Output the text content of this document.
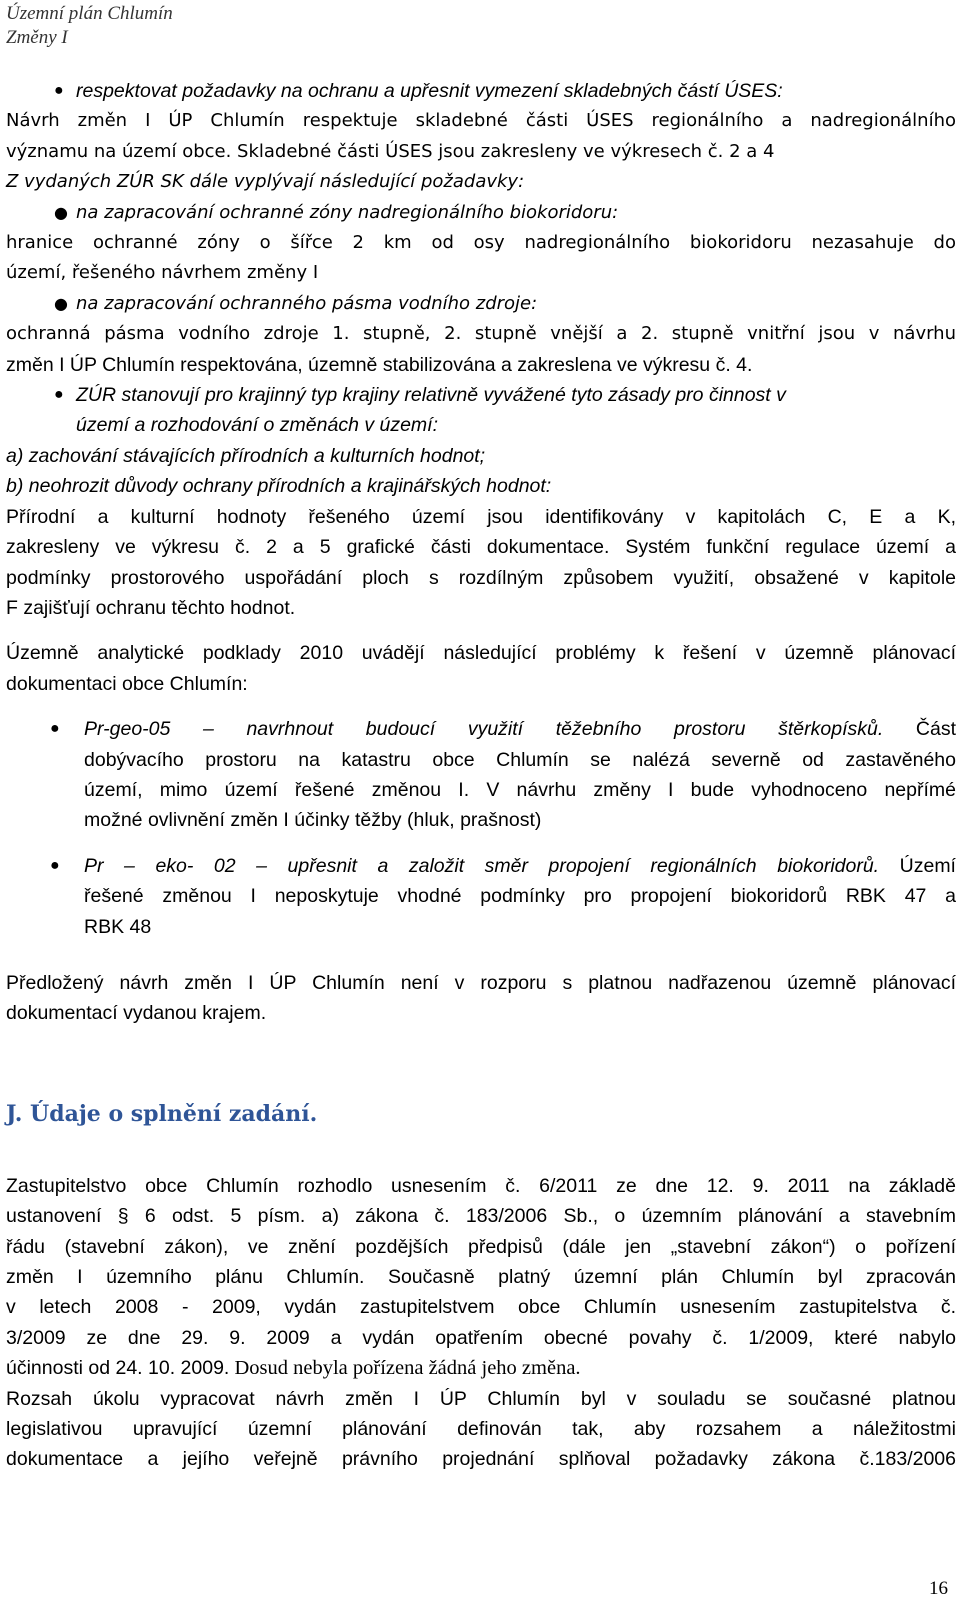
Územní plán Chlumín
Změny I
● respektovat požadavky na ochranu a upřesnit vymezení skladebných částí ÚSES:
Návrh změn I ÚP Chlumín respektuje skladebné části ÚSES regionálního a nadregionálního
významu na území obce. Skladebné části ÚSES jsou zakresleny ve výkresech č. 2 a 4
Z vydaných ZÚR SK dále vyplývají následující požadavky:
● na zapracování ochranné zóny nadregionálního biokoridoru:
hranice ochranné zóny o šířce 2 km od osy nadregionálního biokoridoru nezasahuje do
území, řešeného návrhem změny I
● na zapracování ochranného pásma vodního zdroje:
ochranná pásma vodního zdroje 1. stupně, 2. stupně vnější a 2. stupně vnitřní jsou v návrhu
změn I ÚP Chlumín respektována, územně stabilizována a zakreslena ve výkresu č. 4.
● ZÚR stanovují pro krajinný typ krajiny relativně vyvážené tyto zásady pro činnost v
území a rozhodování o změnách v území:
a) zachování stávajících přírodních a kulturních hodnot;
b) neohrozit důvody ochrany přírodních a krajinářských hodnot:
Přírodní a kulturní hodnoty řešeného území jsou identifikovány v kapitolách C, E a K,
zakresleny ve výkresu č. 2 a 5 grafické části dokumentace. Systém funkční regulace území a
podmínky prostorového uspořádání ploch s rozdílným způsobem využití, obsažené v kapitole
F zajišťují ochranu těchto hodnot.
Územně analytické podklady 2010 uvádějí následující problémy k řešení v územně plánovací
dokumentaci obce Chlumín:
● Pr-geo-05 – navrhnout budoucí využití těžebního prostoru štěrkopísků. Část
dobývacího prostoru na katastru obce Chlumín se nalézá severně od zastavěného
území, mimo území řešené změnou I. V návrhu změny I bude vyhodnoceno nepřímé
možné ovlivnění změn I účinky těžby (hluk, prašnost)
● Pr – eko- 02 – upřesnit a založit směr propojení regionálních biokoridorů. Území
řešené změnou I neposkytuje vhodné podmínky pro propojení biokoridorů RBK 47 a
RBK 48
Předložený návrh změn I ÚP Chlumín není v rozporu s platnou nadřazenou územně plánovací
dokumentací vydanou krajem.
J. Údaje o splnění zadání.
Zastupitelstvo obce Chlumín rozhodlo usnesením č. 6/2011 ze dne 12. 9. 2011 na základě
ustanovení § 6 odst. 5 písm. a) zákona č. 183/2006 Sb., o územním plánování a stavebním
řádu (stavební zákon), ve znění pozdějších předpisů (dále jen „stavební zákon“) o pořízení
změn I územního plánu Chlumín. Současně platný územní plán Chlumín byl zpracován
v letech 2008 - 2009, vydán zastupitelstvem obce Chlumín usnesením zastupitelstva č.
3/2009 ze dne 29. 9. 2009 a vydán opatřením obecné povahy č. 1/2009, které nabylo
účinnosti od 24. 10. 2009. Dosud nebyla pořízena žádná jeho změna.
Rozsah úkolu vypracovat návrh změn I ÚP Chlumín byl v souladu se současné platnou
legislativou upravující územní plánování definován tak, aby rozsahem a náležitostmi
dokumentace a jejího veřejně právního projednání splňoval požadavky zákona č.183/2006
16
